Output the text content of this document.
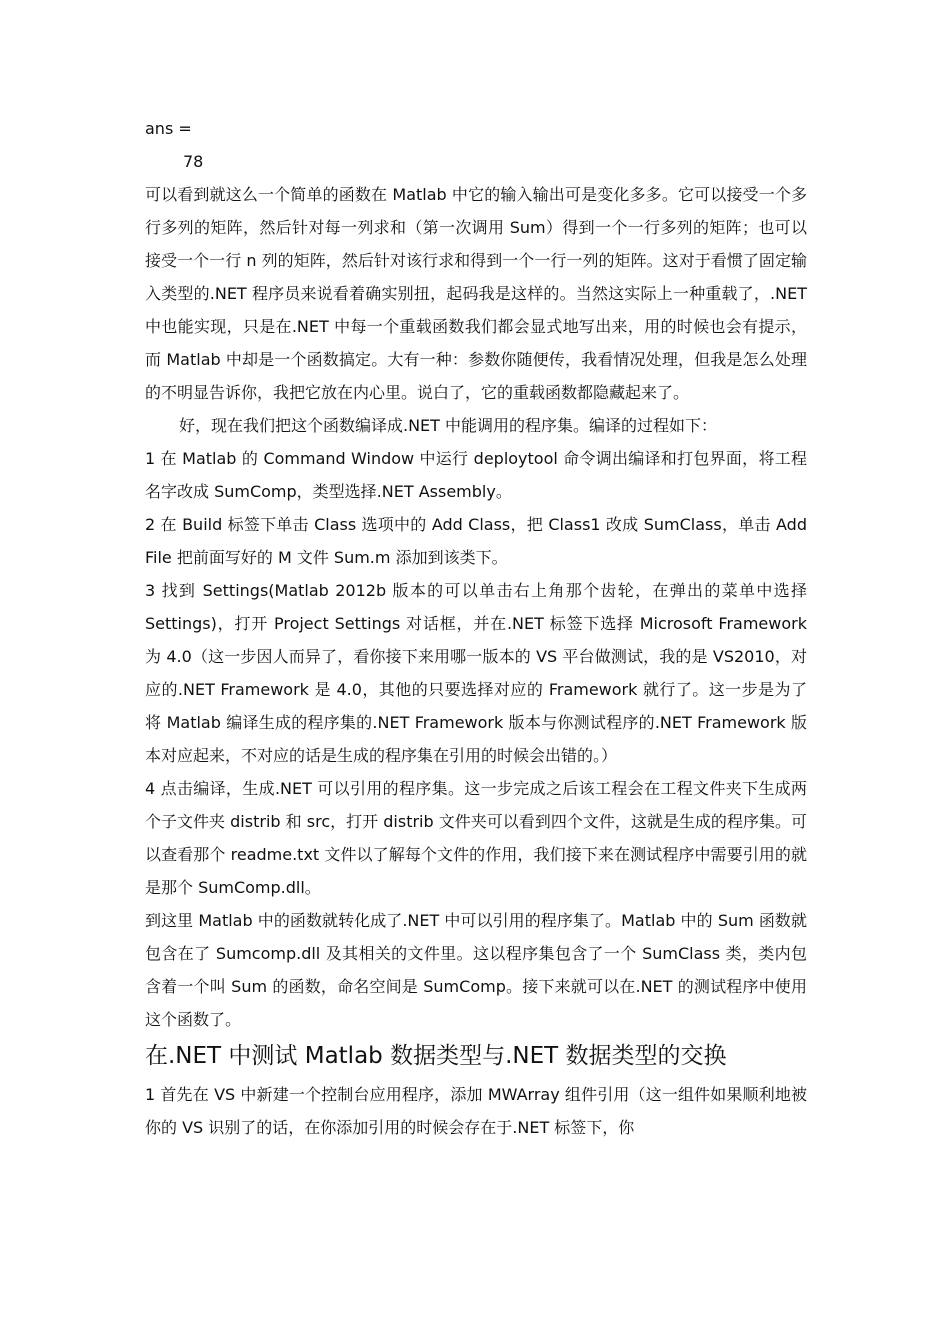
ans =

78

可以看到就这么一个简单的函数在 Matlab 中它的输入输出可是变化多多。它可以接受一个多行多列的矩阵，然后针对每一列求和（第一次调用 Sum）得到一个一行多列的矩阵；也可以接受一个一行 n 列的矩阵，然后针对该行求和得到一个一行一列的矩阵。这对于看惯了固定输入类型的.NET 程序员来说看着确实别扭，起码我是这样的。当然这实际上一种重载了，.NET 中也能实现，只是在.NET 中每一个重载函数我们都会显式地写出来，用的时候也会有提示，而 Matlab 中却是一个函数搞定。大有一种：参数你随便传，我看情况处理，但我是怎么处理的不明显告诉你，我把它放在内心里。说白了，它的重载函数都隐藏起来了。

好，现在我们把这个函数编译成.NET 中能调用的程序集。编译的过程如下：

1 在 Matlab 的 Command Window 中运行 deploytool 命令调出编译和打包界面，将工程名字改成 SumComp，类型选择.NET Assembly。

2 在 Build 标签下单击 Class 选项中的 Add Class，把 Class1 改成 SumClass，单击 Add File 把前面写好的 M 文件 Sum.m 添加到该类下。

3 找到 Settings(Matlab 2012b 版本的可以单击右上角那个齿轮，在弹出的菜单中选择 Settings)，打开 Project Settings 对话框，并在.NET 标签下选择 Microsoft Framework 为 4.0（这一步因人而异了，看你接下来用哪一版本的 VS 平台做测试，我的是 VS2010，对应的.NET Framework 是 4.0，其他的只要选择对应的 Framework 就行了。这一步是为了将 Matlab 编译生成的程序集的.NET Framework 版本与你测试程序的.NET Framework 版本对应起来，不对应的话是生成的程序集在引用的时候会出错的。）

4 点击编译，生成.NET 可以引用的程序集。这一步完成之后该工程会在工程文件夹下生成两个子文件夹 distrib 和 src，打开 distrib 文件夹可以看到四个文件，这就是生成的程序集。可以查看那个 readme.txt 文件以了解每个文件的作用，我们接下来在测试程序中需要引用的就是那个 SumComp.dll。

到这里 Matlab 中的函数就转化成了.NET 中可以引用的程序集了。Matlab 中的 Sum 函数就包含在了 Sumcomp.dll 及其相关的文件里。这以程序集包含了一个 SumClass 类，类内包含着一个叫 Sum 的函数，命名空间是 SumComp。接下来就可以在.NET 的测试程序中使用这个函数了。

在.NET 中测试 Matlab 数据类型与.NET 数据类型的交换

1 首先在 VS 中新建一个控制台应用程序，添加 MWArray 组件引用（这一组件如果顺利地被你的 VS 识别了的话，在你添加引用的时候会存在于.NET 标签下，你
